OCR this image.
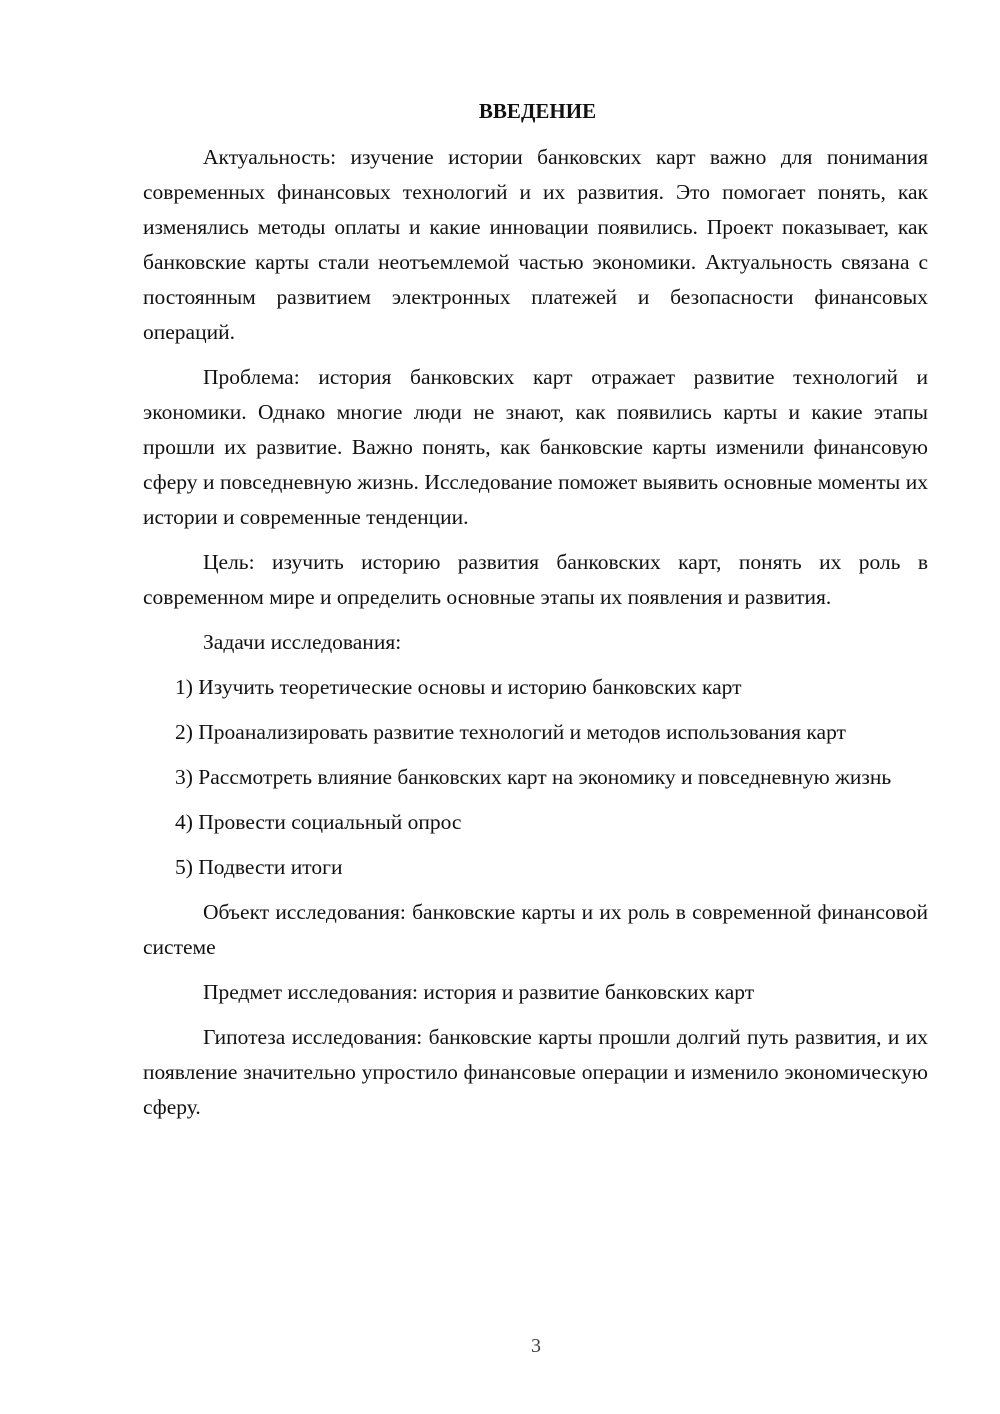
ВВЕДЕНИЕ

Актуальность: изучение истории банковских карт важно для понимания современных финансовых технологий и их развития. Это помогает понять, как изменялись методы оплаты и какие инновации появились. Проект показывает, как банковские карты стали неотъемлемой частью экономики. Актуальность связана с постоянным развитием электронных платежей и безопасности финансовых операций.

Проблема: история банковских карт отражает развитие технологий и экономики. Однако многие люди не знают, как появились карты и какие этапы прошли их развитие. Важно понять, как банковские карты изменили финансовую сферу и повседневную жизнь. Исследование поможет выявить основные моменты их истории и современные тенденции.

Цель: изучить историю развития банковских карт, понять их роль в современном мире и определить основные этапы их появления и развития.

Задачи исследования:

1) Изучить теоретические основы и историю банковских карт

2) Проанализировать развитие технологий и методов использования карт

3) Рассмотреть влияние банковских карт на экономику и повседневную жизнь

4) Провести социальный опрос

5) Подвести итоги

Объект исследования: банковские карты и их роль в современной финансовой системе

Предмет исследования: история и развитие банковских карт

Гипотеза исследования: банковские карты прошли долгий путь развития, и их появление значительно упростило финансовые операции и изменило экономическую сферу.

3
